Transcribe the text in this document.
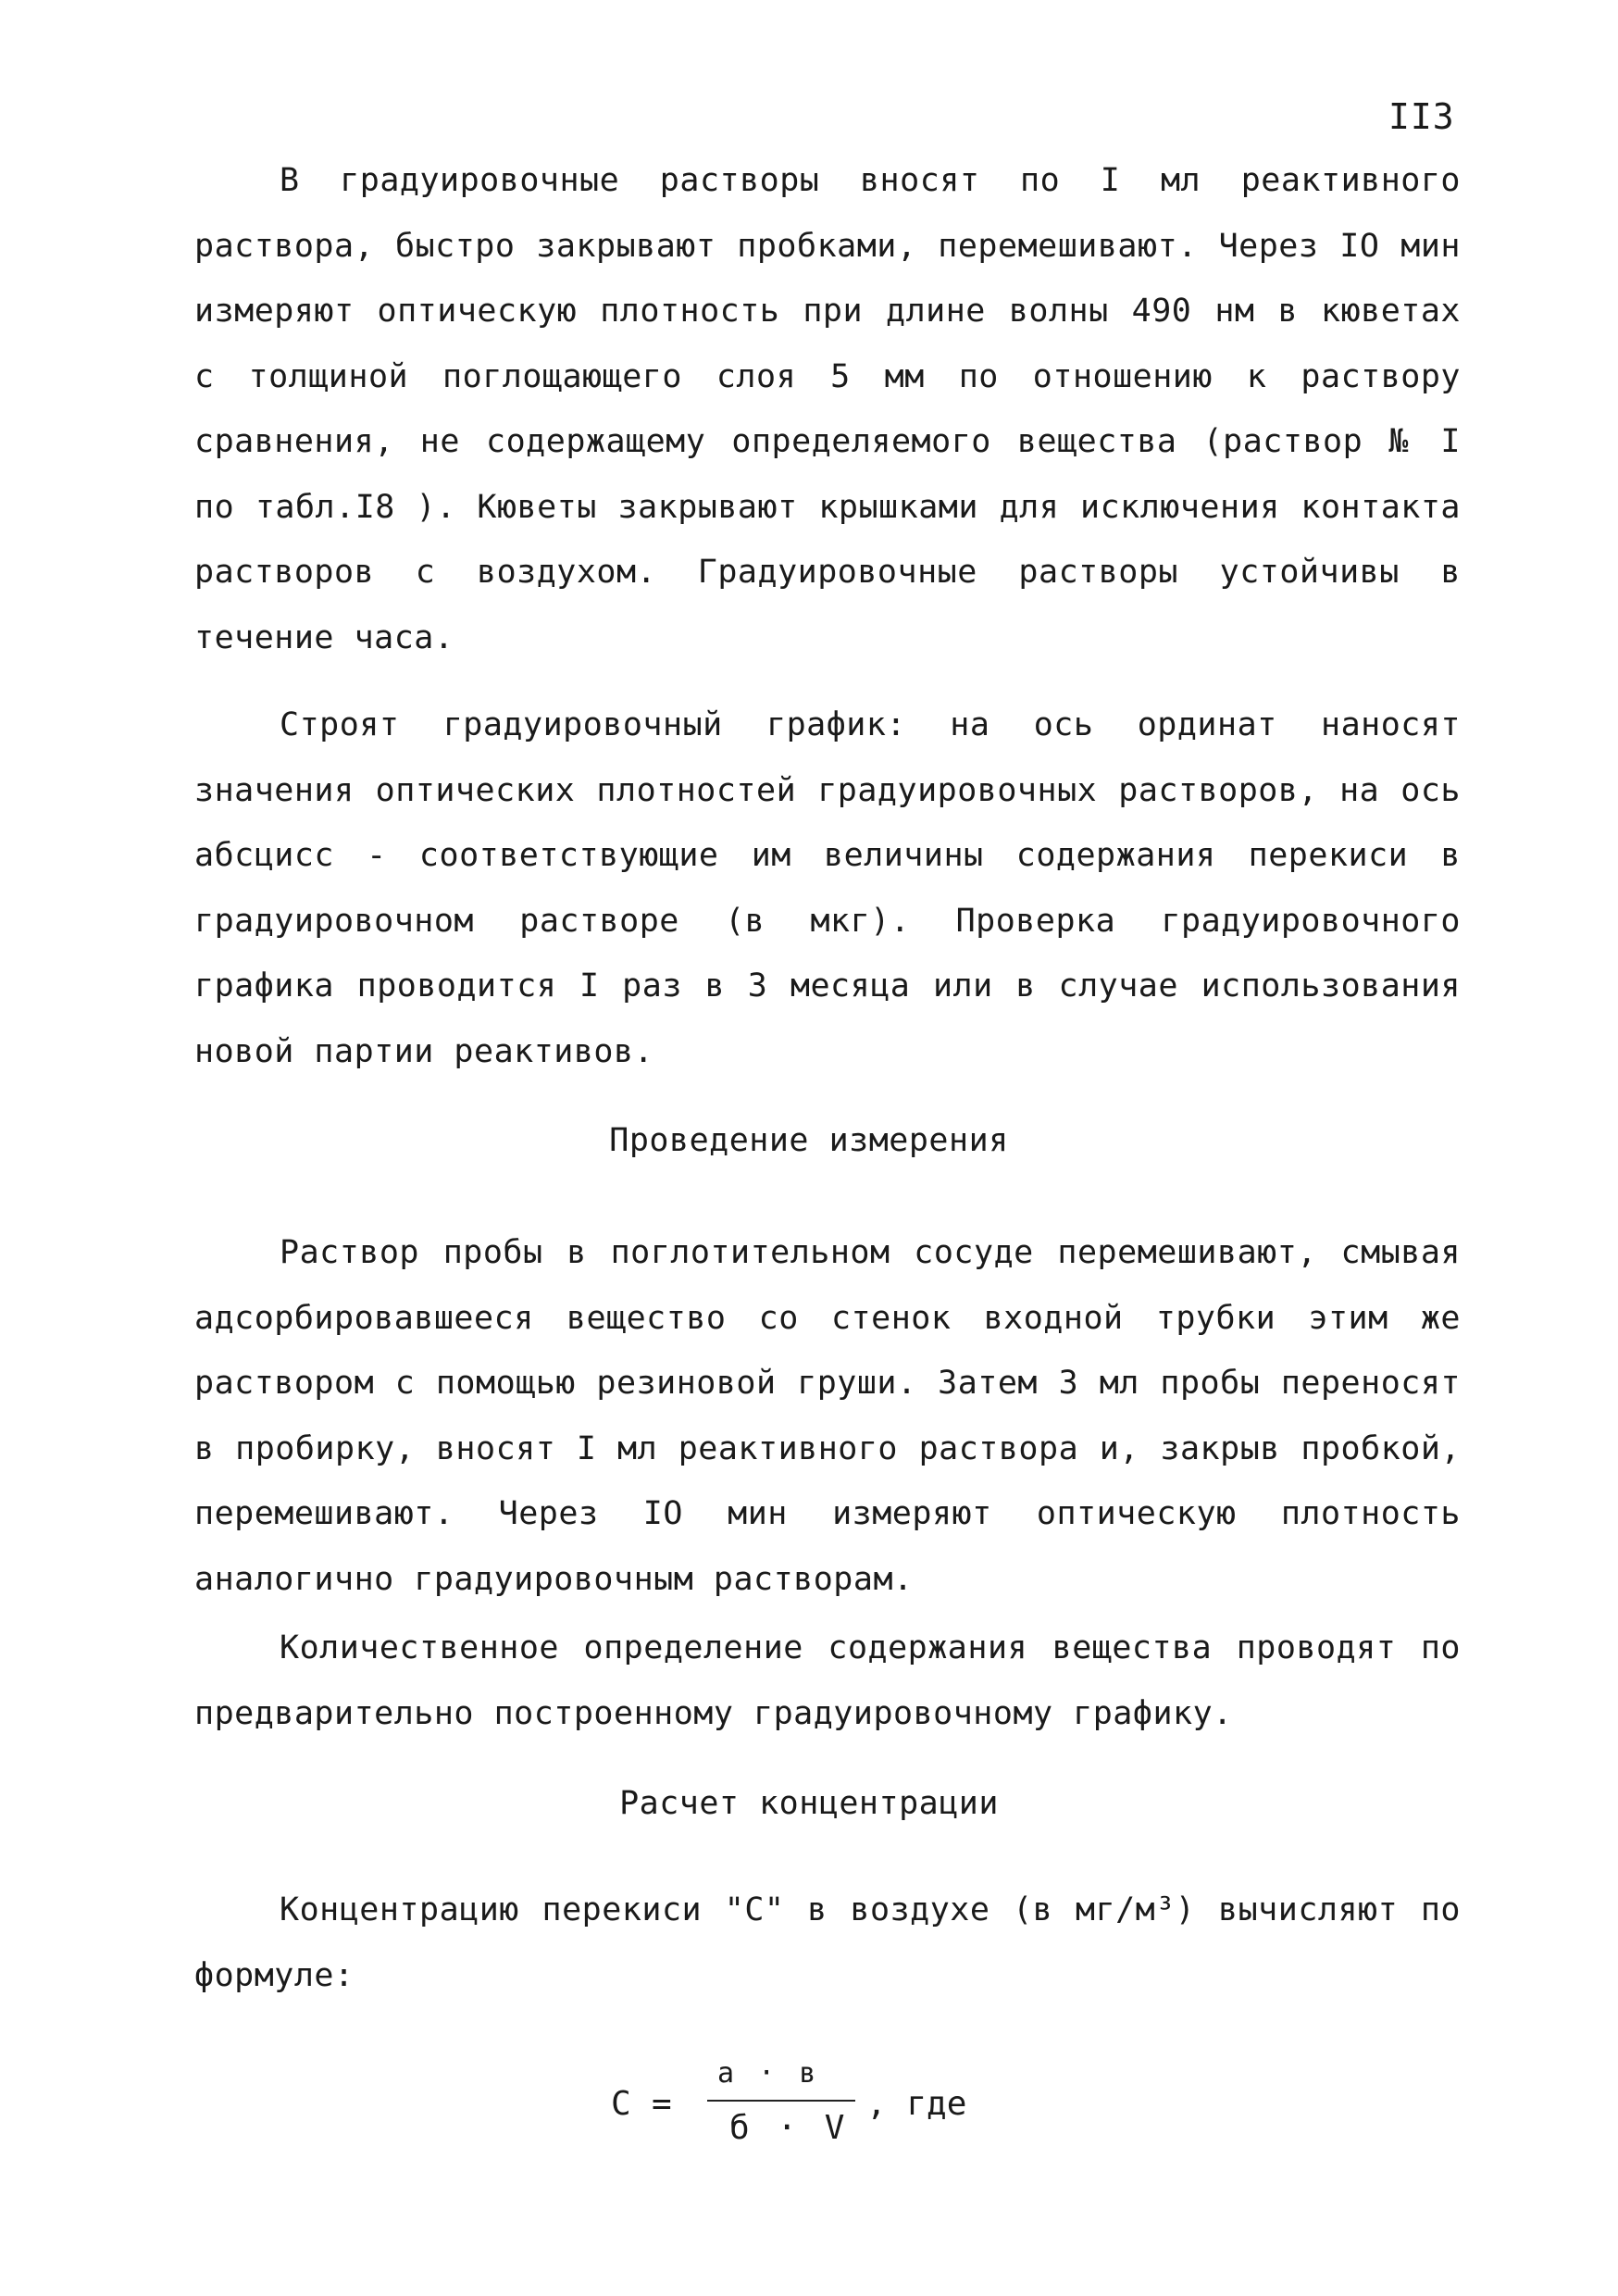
II3

В градуировочные растворы вносят по I мл реактивного раствора, быстро закрывают пробками, перемешивают. Через IO мин измеряют оптическую плотность при длине волны 490 нм в кюветах с толщиной поглощающего слоя 5 мм по отношению к раствору сравнения, не содержащему определяемого вещества (раствор № I по табл.I8 ). Кюветы закрывают крышками для исключения контакта растворов с воздухом. Градуировочные растворы устойчивы в течение часа.

Строят градуировочный график: на ось ординат наносят значения оптических плотностей градуировочных растворов, на ось абсцисс - соответствующие им величины содержания перекиси в градуировочном растворе (в мкг). Проверка градуировочного графика проводится I раз в 3 месяца или в случае использования новой партии реактивов.

Проведение измерения

Раствор пробы в поглотительном сосуде перемешивают, смывая адсорбировавшееся вещество со стенок входной трубки этим же раствором с помощью резиновой груши. Затем 3 мл пробы переносят в пробирку, вносят I мл реактивного раствора и, закрыв пробкой, перемешивают. Через IO мин измеряют оптическую плотность аналогично градуировочным растворам.

Количественное определение содержания вещества проводят по предварительно построенному градуировочному графику.

Расчет концентрации

Концентрацию перекиси "С" в воздухе (в мг/м³) вычисляют по формуле:

С =
а · в
б · V
, где
